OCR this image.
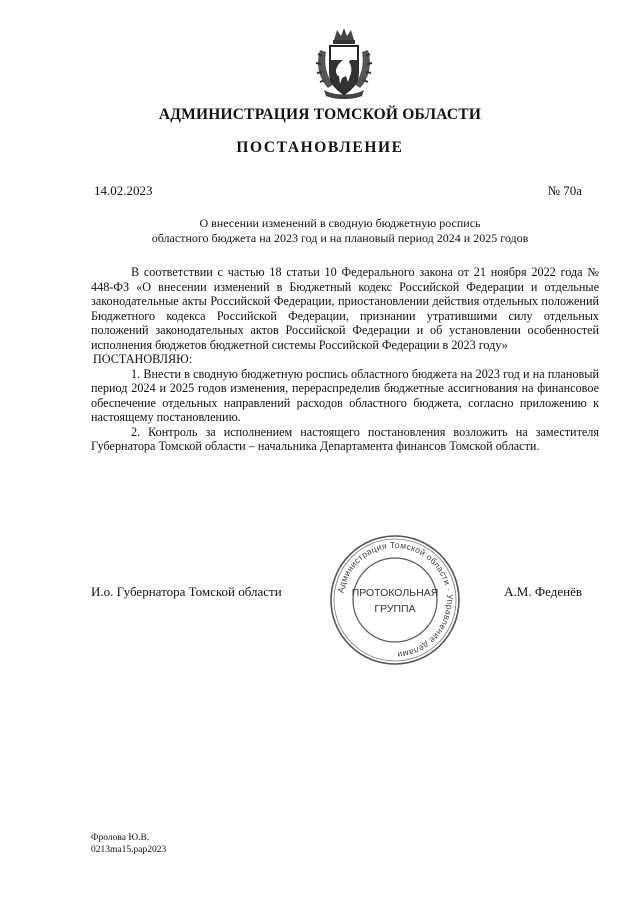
АДМИНИСТРАЦИЯ ТОМСКОЙ ОБЛАСТИ
ПОСТАНОВЛЕНИЕ
14.02.2023	№ 70а
О внесении изменений в сводную бюджетную роспись
областного бюджета на 2023 год и на плановый период 2024 и 2025 годов

В соответствии с частью 18 статьи 10 Федерального закона от 21 ноября 2022 года № 448-ФЗ «О внесении изменений в Бюджетный кодекс Российской Федерации и отдельные законодательные акты Российской Федерации, приостановлении действия отдельных положений Бюджетного кодекса Российской Федерации, признании утратившими силу отдельных положений законодательных актов Российской Федерации и об установлении особенностей исполнения бюджетов бюджетной системы Российской Федерации в 2023 году»

ПОСТАНОВЛЯЮ:

1. Внести в сводную бюджетную роспись областного бюджета на 2023 год и на плановый период 2024 и 2025 годов изменения, перераспределив бюджетные ассигнования на финансовое обеспечение отдельных направлений расходов областного бюджета, согласно приложению к настоящему постановлению.

2. Контроль за исполнением настоящего постановления возложить на заместителя Губернатора Томской области – начальника Департамента финансов Томской области.

И.о. Губернатора Томской области	Администрация Томской области · Управление делами
ПРОТОКОЛЬНАЯ
ГРУППА
А.М. Феденёв
Фролова Ю.В.
0213ma15.рар2023
